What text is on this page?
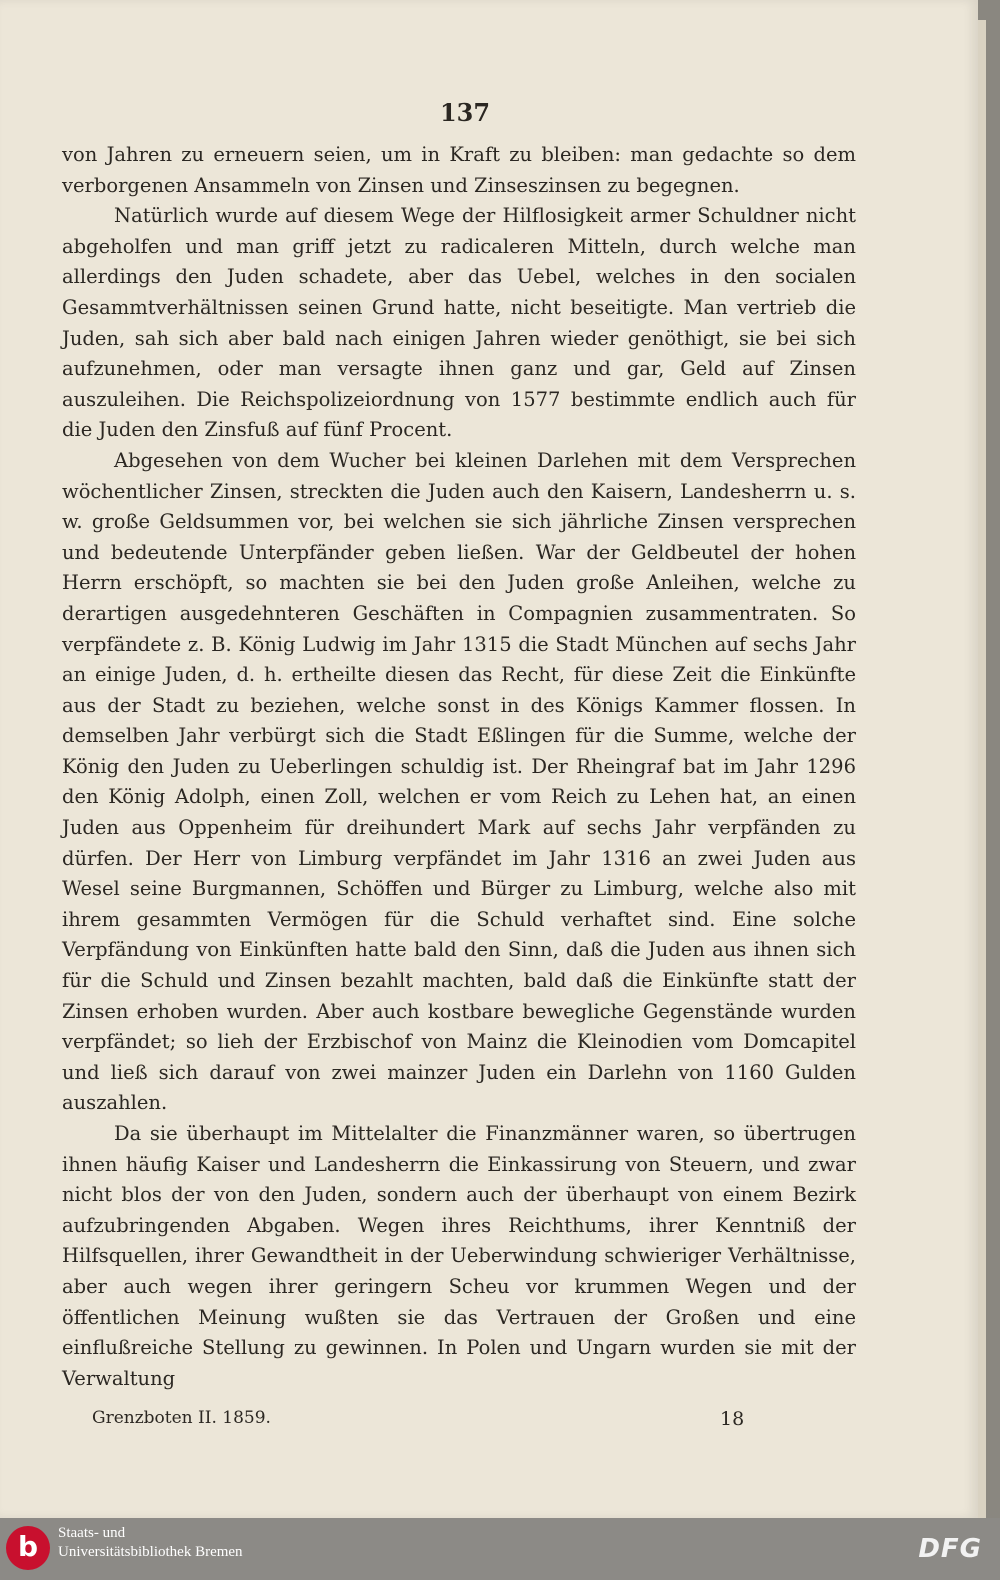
137

von Jahren zu erneuern seien, um in Kraft zu bleiben: man gedachte so dem verborgenen Ansammeln von Zinsen und Zinseszinsen zu begegnen.

Natürlich wurde auf diesem Wege der Hilflosigkeit armer Schuldner nicht abgeholfen und man griff jetzt zu radicaleren Mitteln, durch welche man allerdings den Juden schadete, aber das Uebel, welches in den socialen Gesammtverhältnissen seinen Grund hatte, nicht beseitigte. Man vertrieb die Juden, sah sich aber bald nach einigen Jahren wieder genöthigt, sie bei sich aufzunehmen, oder man versagte ihnen ganz und gar, Geld auf Zinsen auszuleihen. Die Reichspolizeiordnung von 1577 bestimmte endlich auch für die Juden den Zinsfuß auf fünf Procent.

Abgesehen von dem Wucher bei kleinen Darlehen mit dem Versprechen wöchentlicher Zinsen, streckten die Juden auch den Kaisern, Landesherrn u. s. w. große Geldsummen vor, bei welchen sie sich jährliche Zinsen versprechen und bedeutende Unterpfänder geben ließen. War der Geldbeutel der hohen Herrn erschöpft, so machten sie bei den Juden große Anleihen, welche zu derartigen ausgedehnteren Geschäften in Compagnien zusammentraten. So verpfändete z. B. König Ludwig im Jahr 1315 die Stadt München auf sechs Jahr an einige Juden, d. h. ertheilte diesen das Recht, für diese Zeit die Einkünfte aus der Stadt zu beziehen, welche sonst in des Königs Kammer flossen. In demselben Jahr verbürgt sich die Stadt Eßlingen für die Summe, welche der König den Juden zu Ueberlingen schuldig ist. Der Rheingraf bat im Jahr 1296 den König Adolph, einen Zoll, welchen er vom Reich zu Lehen hat, an einen Juden aus Oppenheim für dreihundert Mark auf sechs Jahr verpfänden zu dürfen. Der Herr von Limburg verpfändet im Jahr 1316 an zwei Juden aus Wesel seine Burgmannen, Schöffen und Bürger zu Limburg, welche also mit ihrem gesammten Vermögen für die Schuld verhaftet sind. Eine solche Verpfändung von Einkünften hatte bald den Sinn, daß die Juden aus ihnen sich für die Schuld und Zinsen bezahlt machten, bald daß die Einkünfte statt der Zinsen erhoben wurden. Aber auch kostbare bewegliche Gegenstände wurden verpfändet; so lieh der Erzbischof von Mainz die Kleinodien vom Domcapitel und ließ sich darauf von zwei mainzer Juden ein Darlehn von 1160 Gulden auszahlen.

Da sie überhaupt im Mittelalter die Finanzmänner waren, so übertrugen ihnen häufig Kaiser und Landesherrn die Einkassirung von Steuern, und zwar nicht blos der von den Juden, sondern auch der überhaupt von einem Bezirk aufzubringenden Abgaben. Wegen ihres Reichthums, ihrer Kenntniß der Hilfsquellen, ihrer Gewandtheit in der Ueberwindung schwieriger Verhältnisse, aber auch wegen ihrer geringern Scheu vor krummen Wegen und der öffentlichen Meinung wußten sie das Vertrauen der Großen und eine einflußreiche Stellung zu gewinnen. In Polen und Ungarn wurden sie mit der Verwaltung

Grenzboten II. 1859.	18
b	Staats- und
Universitätsbibliothek Bremen	DFG
